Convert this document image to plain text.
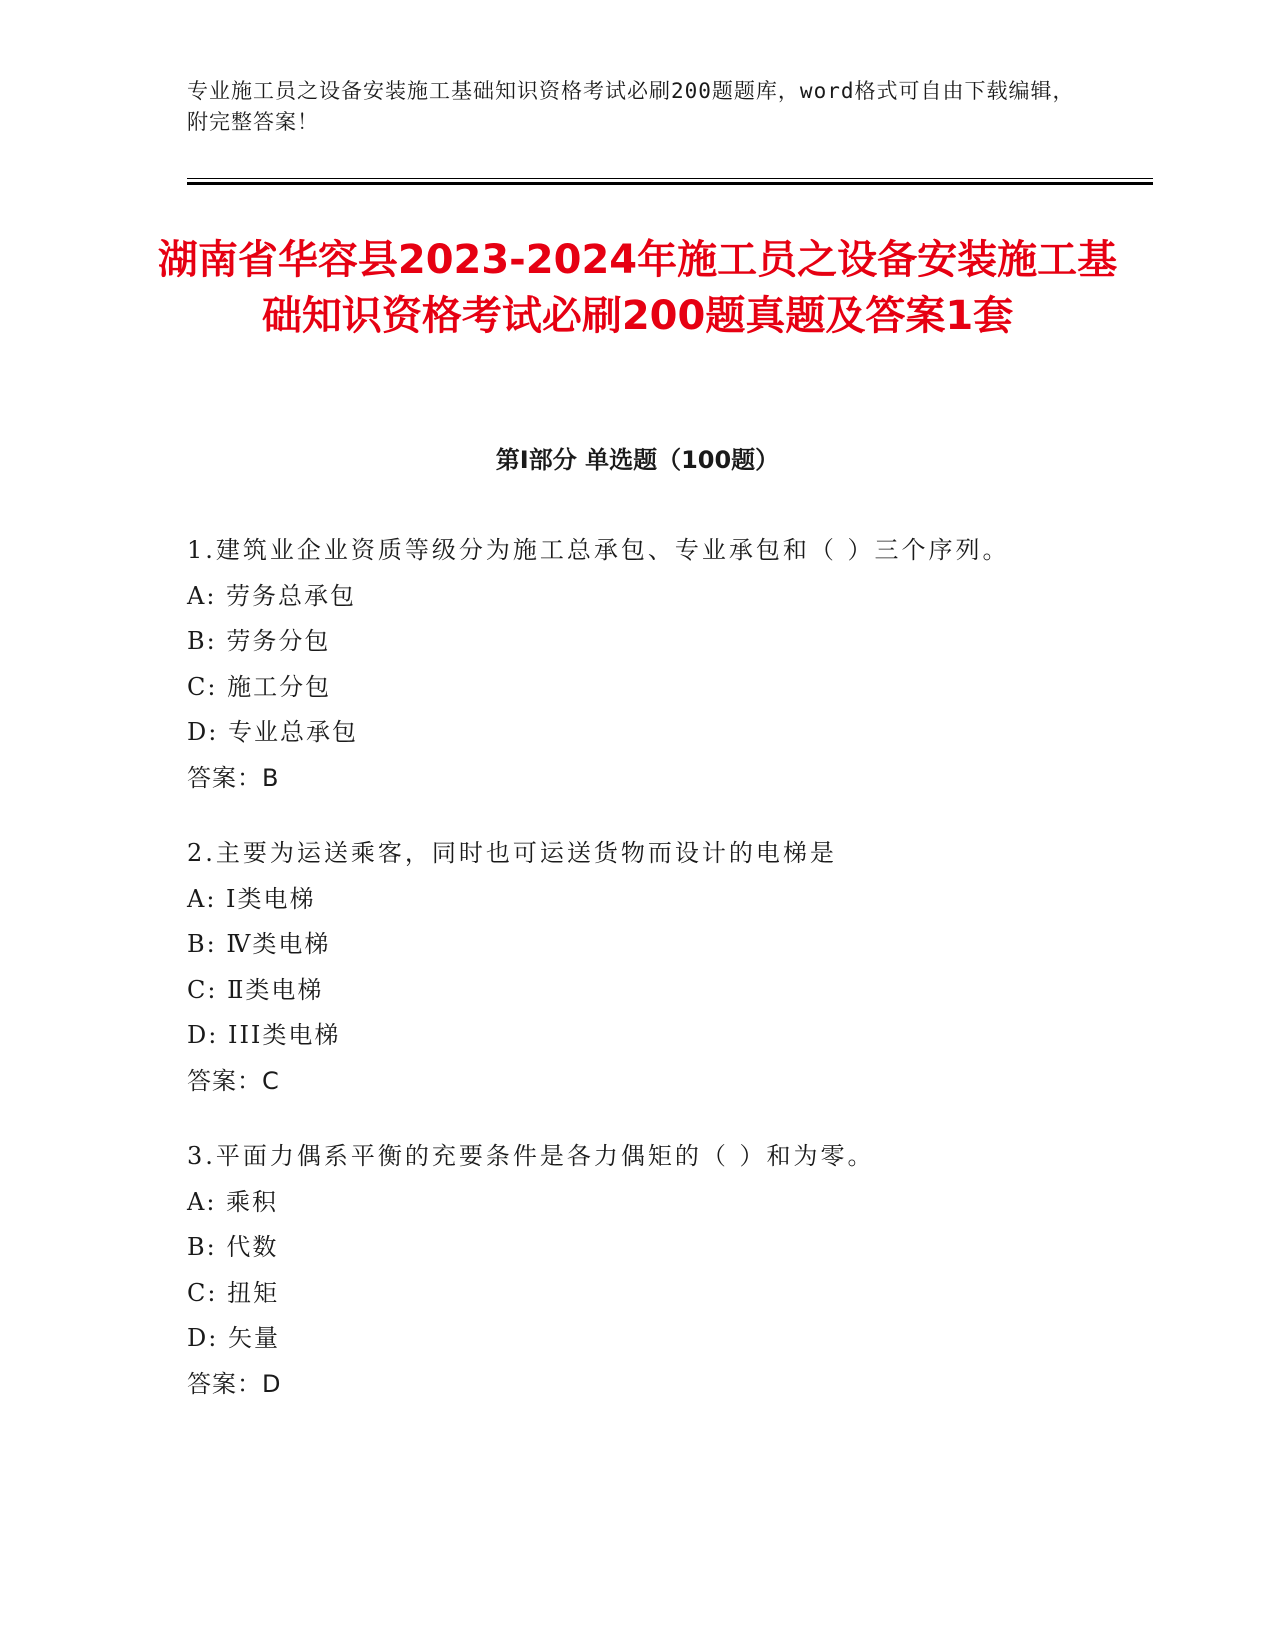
专业施工员之设备安装施工基础知识资格考试必刷200题题库，word格式可自由下载编辑，附完整答案！
湖南省华容县2023-2024年施工员之设备安装施工基础知识资格考试必刷200题真题及答案1套
第Ⅰ部分 单选题（100题）
1.建筑业企业资质等级分为施工总承包、专业承包和（ ）三个序列。
A: 劳务总承包
B: 劳务分包
C: 施工分包
D: 专业总承包
答案：B
2.主要为运送乘客，同时也可运送货物而设计的电梯是
A: Ⅰ类电梯
B: Ⅳ类电梯
C: Ⅱ类电梯
D: III类电梯
答案：C
3.平面力偶系平衡的充要条件是各力偶矩的（ ）和为零。
A: 乘积
B: 代数
C: 扭矩
D: 矢量
答案：D
